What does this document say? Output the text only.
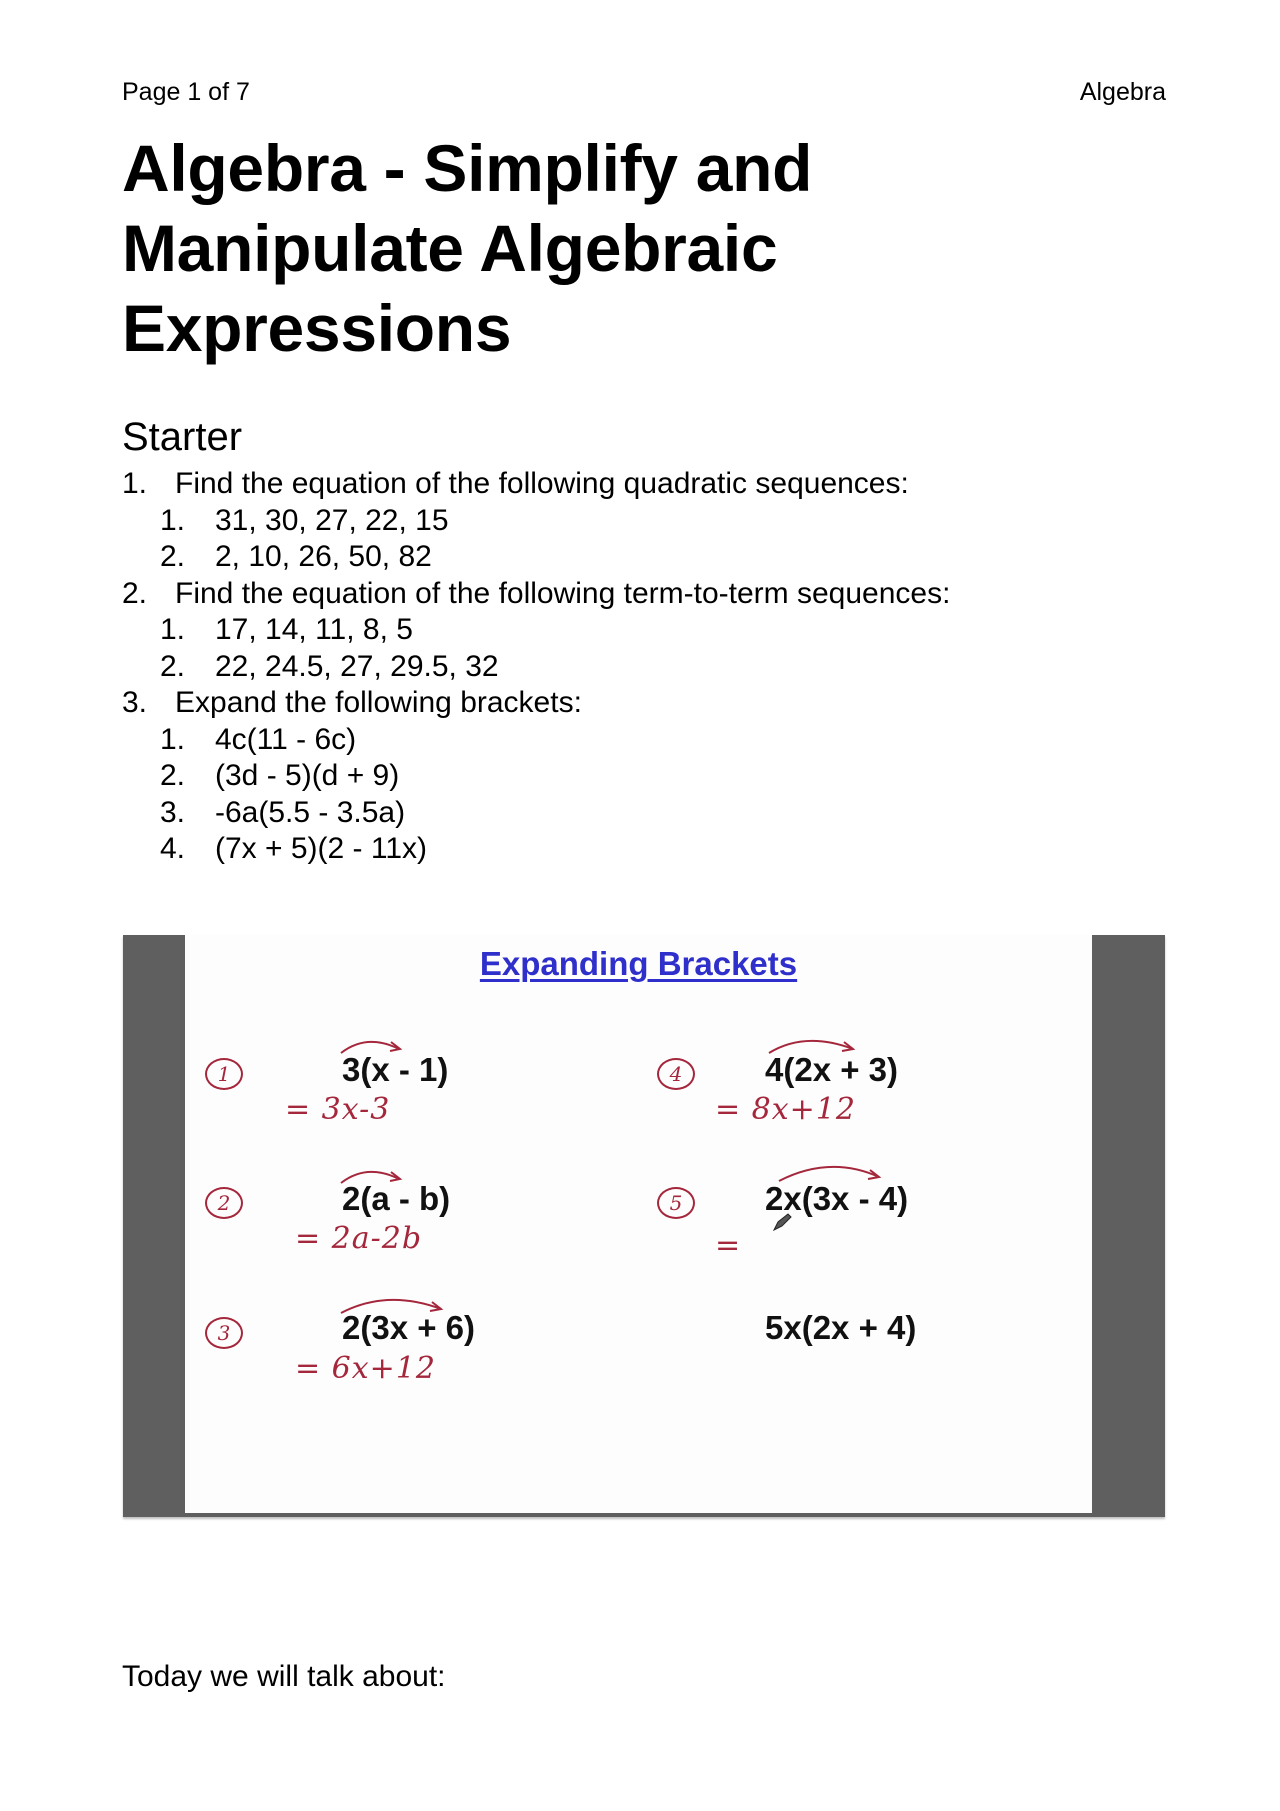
Page 1 of 7	Algebra
Algebra - Simplify and Manipulate Algebraic Expressions
Starter
1. Find the equation of the following quadratic sequences:
1. 31, 30, 27, 22, 15
2. 2, 10, 26, 50, 82
2. Find the equation of the following term-to-term sequences:
1. 17, 14, 11, 8, 5
2. 22, 24.5, 27, 29.5, 32
3. Expand the following brackets:
1. 4c(11 - 6c)
2. (3d - 5)(d + 9)
3. -6a(5.5 - 3.5a)
4. (7x + 5)(2 - 11x)
Expanding Brackets
1	3(x - 1)
= 3x-3
2	2(a - b)
= 2a-2b
3	2(3x + 6)
= 6x+12
4	4(2x + 3)
= 8x+12
5	2x(3x - 4)
=
5x(2x + 4)
Today we will talk about:
